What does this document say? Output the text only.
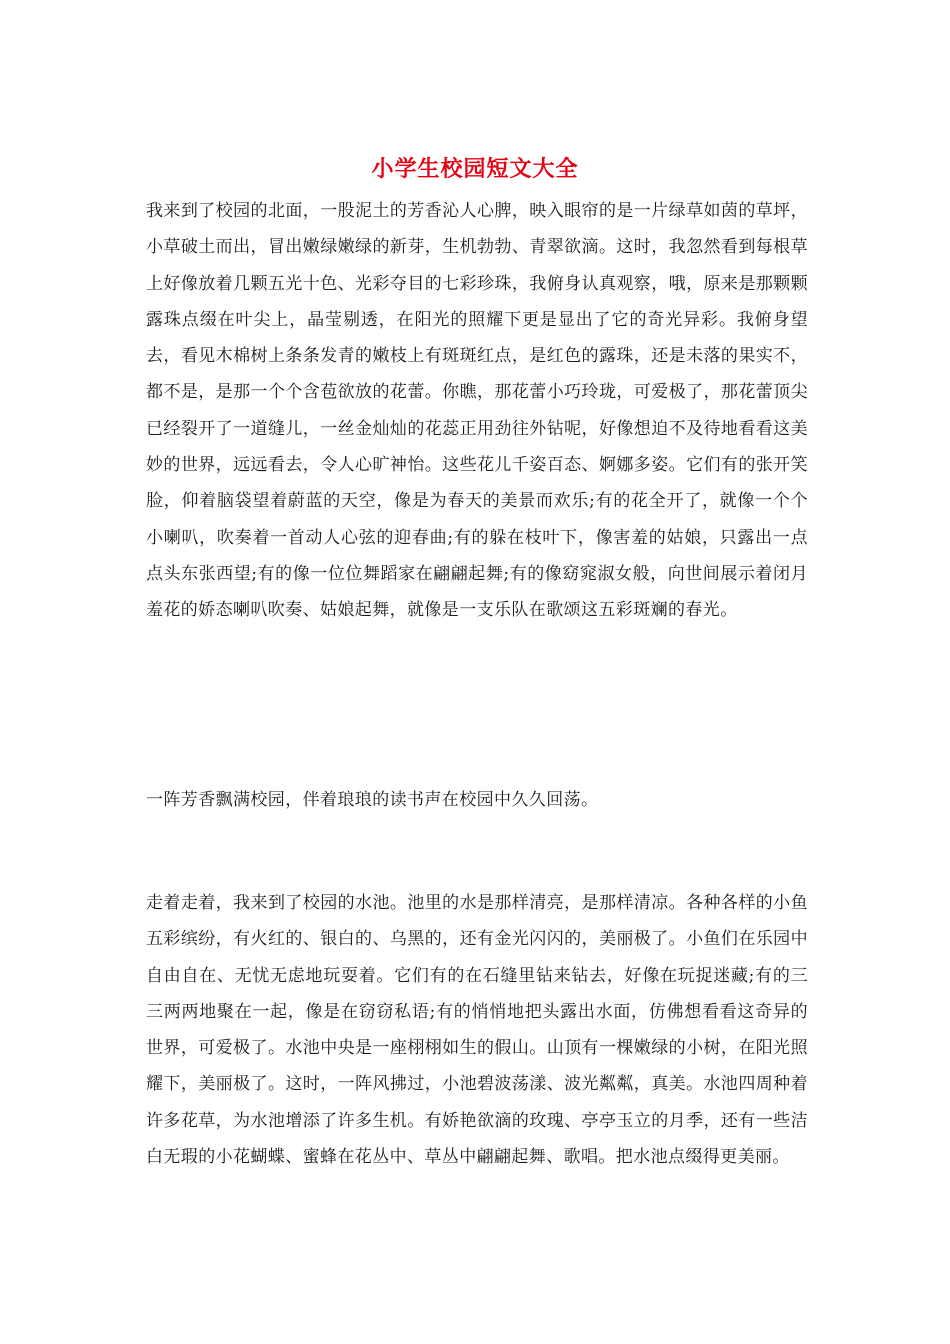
小学生校园短文大全

我来到了校园的北面，一股泥土的芳香沁人心脾，映入眼帘的是一片绿草如茵的草坪，小草破土而出，冒出嫩绿嫩绿的新芽，生机勃勃、青翠欲滴。这时，我忽然看到每根草上好像放着几颗五光十色、光彩夺目的七彩珍珠，我俯身认真观察，哦，原来是那颗颗露珠点缀在叶尖上，晶莹剔透，在阳光的照耀下更是显出了它的奇光异彩。我俯身望去，看见木棉树上条条发青的嫩枝上有斑斑红点，是红色的露珠，还是未落的果实不，都不是，是那一个个含苞欲放的花蕾。你瞧，那花蕾小巧玲珑，可爱极了，那花蕾顶尖已经裂开了一道缝儿，一丝金灿灿的花蕊正用劲往外钻呢，好像想迫不及待地看看这美妙的世界，远远看去，令人心旷神怡。这些花儿千姿百态、婀娜多姿。它们有的张开笑脸，仰着脑袋望着蔚蓝的天空，像是为春天的美景而欢乐;有的花全开了，就像一个个小喇叭，吹奏着一首动人心弦的迎春曲;有的躲在枝叶下，像害羞的姑娘，只露出一点点头东张西望;有的像一位位舞蹈家在翩翩起舞;有的像窈窕淑女般，向世间展示着闭月羞花的娇态喇叭吹奏、姑娘起舞，就像是一支乐队在歌颂这五彩斑斓的春光。

一阵芳香飘满校园，伴着琅琅的读书声在校园中久久回荡。

走着走着，我来到了校园的水池。池里的水是那样清亮，是那样清凉。各种各样的小鱼五彩缤纷，有火红的、银白的、乌黑的，还有金光闪闪的，美丽极了。小鱼们在乐园中自由自在、无忧无虑地玩耍着。它们有的在石缝里钻来钻去，好像在玩捉迷藏;有的三三两两地聚在一起，像是在窃窃私语;有的悄悄地把头露出水面，仿佛想看看这奇异的世界，可爱极了。水池中央是一座栩栩如生的假山。山顶有一棵嫩绿的小树，在阳光照耀下，美丽极了。这时，一阵风拂过，小池碧波荡漾、波光粼粼，真美。水池四周种着许多花草，为水池增添了许多生机。有娇艳欲滴的玫瑰、亭亭玉立的月季，还有一些洁白无瑕的小花蝴蝶、蜜蜂在花丛中、草丛中翩翩起舞、歌唱。把水池点缀得更美丽。
